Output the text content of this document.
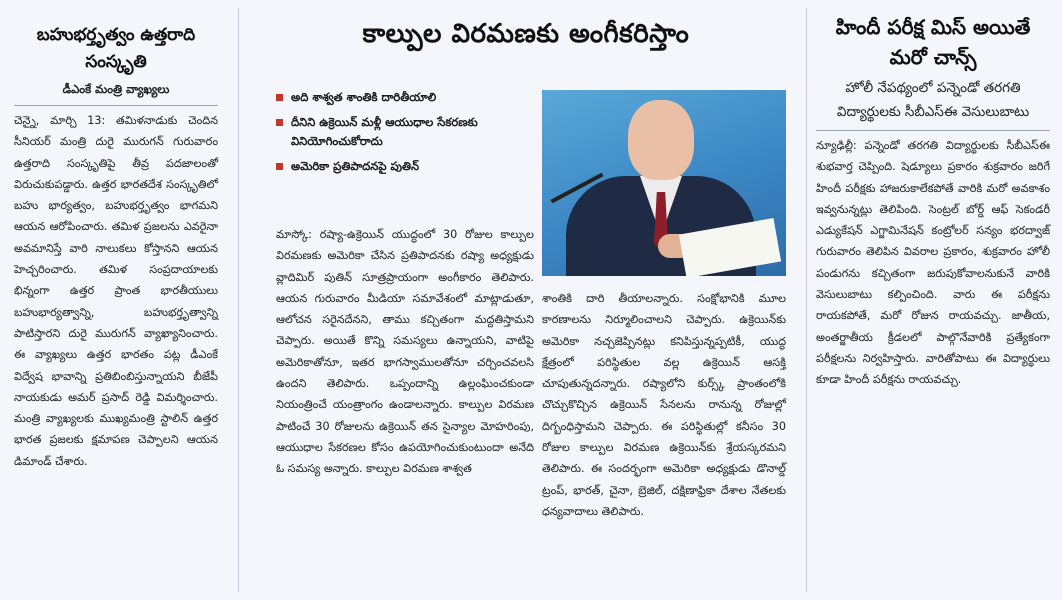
బహుభర్తృత్వం ఉత్తరాది సంస్కృతి
డీఎంకే మంత్రి వ్యాఖ్యలు

చెన్నై, మార్చి 13: తమిళనాడుకు చెందిన సీనియర్ మంత్రి దురై మురుగన్ గురువారం ఉత్తరాది సంస్కృతిపై తీవ్ర పదజాలంతో విరుచుకుపడ్డారు. ఉత్తర భారతదేశ సంస్కృతిలో బహు భార్యత్వం, బహుభర్తృత్వం భాగమని ఆయన ఆరోపించారు. తమిళ ప్రజలను ఎవరైనా అవమానిస్తే వారి నాలుకలు కోస్తానని ఆయన హెచ్చరించారు. తమిళ సంప్రదాయాలకు భిన్నంగా ఉత్తర ప్రాంత భారతీయులు బహుభార్యత్వాన్ని, బహుభర్తృత్వాన్ని పాటిస్తారని దురై మురుగన్ వ్యాఖ్యానించారు. ఈ వ్యాఖ్యలు ఉత్తర భారతం పట్ల డీఎంకే విద్వేష భావాన్ని ప్రతిబింబిస్తున్నాయని బీజేపీ నాయకుడు అమర్ ప్రసాద్ రెడ్డి విమర్శించారు. మంత్రి వ్యాఖ్యలకు ముఖ్యమంత్రి స్టాలిన్ ఉత్తర భారత ప్రజలకు క్షమాపణ చెప్పాలని ఆయన డిమాండ్ చేశారు.

కాల్పుల విరమణకు అంగీకరిస్తాం
అది శాశ్వత శాంతికి దారితీయాలి
దీనిని ఉక్రెయిన్ మళ్లీ ఆయుధాల సేకరణకు వినియోగించుకోరాదు
అమెరికా ప్రతిపాదనపై పుతిన్

మాస్కో: రష్యా-ఉక్రెయిన్ యుద్ధంలో 30 రోజుల కాల్పుల విరమణకు అమెరికా చేసిన ప్రతిపాదనకు రష్యా అధ్యక్షుడు వ్లాదిమిర్ పుతిన్ సూత్రప్రాయంగా అంగీకారం తెలిపారు. ఆయన గురువారం మీడియా సమావేశంలో మాట్లాడుతూ, ఆలోచన సరైనదేనని, తాము కచ్చితంగా మద్దతిస్తామని చెప్పారు. అయితే కొన్ని సమస్యలు ఉన్నాయని, వాటిపై అమెరికాతోనూ, ఇతర భాగస్వాములతోనూ చర్చించవలసి ఉందని తెలిపారు. ఒప్పందాన్ని ఉల్లంఘించకుండా నియంత్రించే యంత్రాంగం ఉండాలన్నారు. కాల్పుల విరమణ పాటించే 30 రోజులను ఉక్రెయిన్ తన సైన్యాల మోహరింపు, ఆయుధాల సేకరణల కోసం ఉపయోగించుకుంటుందా అనేది ఓ సమస్య అన్నారు. కాల్పుల విరమణ శాశ్వత

శాంతికి దారి తీయాలన్నారు. సంక్షోభానికి మూల కారణాలను నిర్మూలించాలని చెప్పారు. ఉక్రెయిన్‌కు అమెరికా నచ్చజెప్పినట్లు కనిపిస్తున్నప్పటికీ, యుద్ధ క్షేత్రంలో పరిస్థితుల వల్ల ఉక్రెయిన్ ఆసక్తి చూపుతున్నదన్నారు. రష్యాలోని కుర్స్క్ ప్రాంతంలోకి చొచ్చుకొచ్చిన ఉక్రెయిన్ సేనలను రానున్న రోజుల్లో దిగ్బంధిస్తామని చెప్పారు. ఈ పరిస్థితుల్లో కనీసం 30 రోజుల కాల్పుల విరమణ ఉక్రెయిన్‌కు శ్రేయస్కరమని తెలిపారు. ఈ సందర్భంగా అమెరికా అధ్యక్షుడు డొనాల్డ్ ట్రంప్, భారత్, చైనా, బ్రెజిల్, దక్షిణాఫ్రికా దేశాల నేతలకు ధన్యవాదాలు తెలిపారు.

హిందీ పరీక్ష మిస్ అయితే మరో చాన్స్
హోలీ నేపథ్యంలో పన్నెండో తరగతి విద్యార్థులకు సీబీఎస్ఈ వెసులుబాటు

న్యూఢిల్లీ: పన్నెండో తరగతి విద్యార్థులకు సీబీఎస్ఈ శుభవార్త చెప్పింది. షెడ్యూలు ప్రకారం శుక్రవారం జరిగే హిందీ పరీక్షకు హాజరుకాలేకపోతే వారికి మరో అవకాశం ఇవ్వనున్నట్లు తెలిపింది. సెంట్రల్ బోర్డ్ ఆఫ్ సెకండరీ ఎడ్యుకేషన్ ఎగ్జామినేషన్ కంట్రోలర్ సన్యం భరద్వాజ్ గురువారం తెలిపిన వివరాల ప్రకారం, శుక్రవారం హోలీ పండుగను కచ్చితంగా జరుపుకోవాలనుకునే వారికి వెసులుబాటు కల్పించింది. వారు ఈ పరీక్షను రాయకపోతే, మరో రోజున రాయవచ్చు. జాతీయ, అంతర్జాతీయ క్రీడలలో పాల్గొనేవారికి ప్రత్యేకంగా పరీక్షలను నిర్వహిస్తారు. వారితోపాటు ఈ విద్యార్థులు కూడా హిందీ పరీక్షను రాయవచ్చు.
